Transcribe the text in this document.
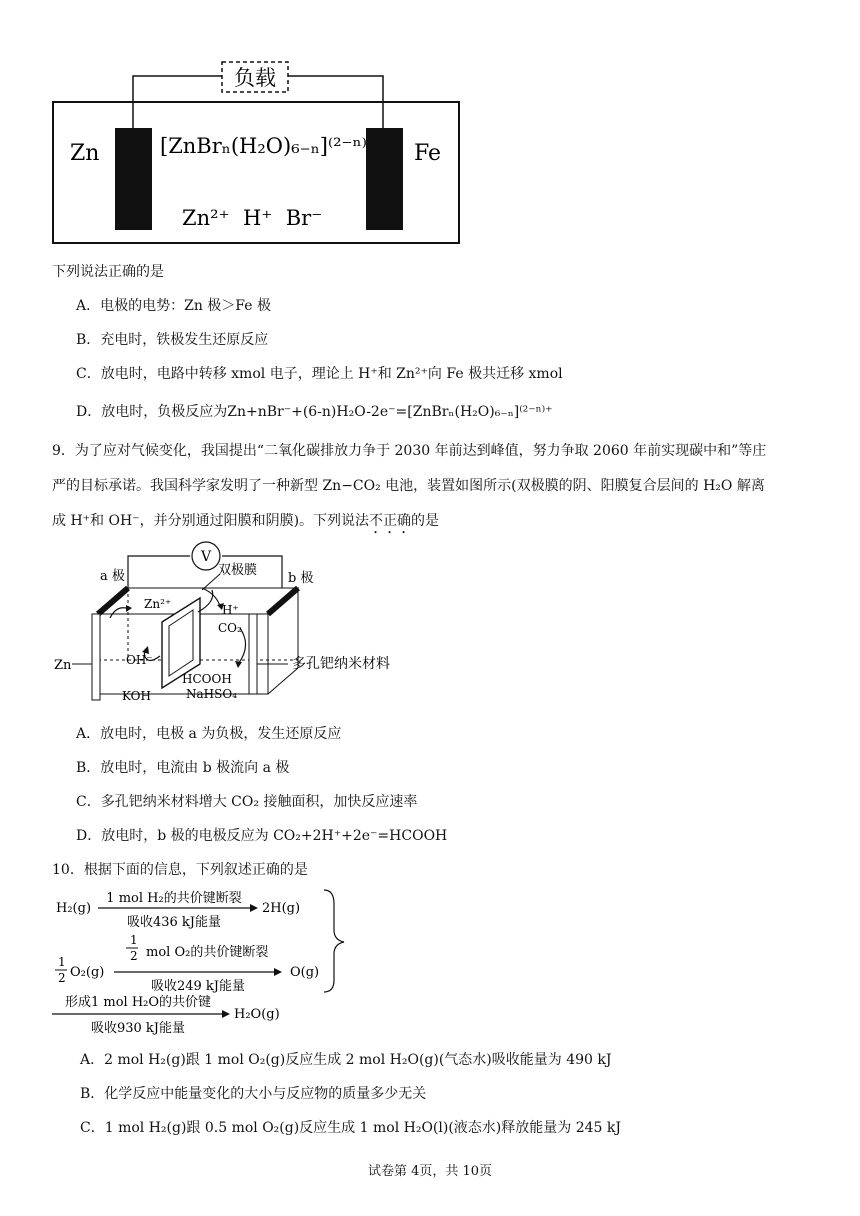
负载
Zn	Fe
[ZnBrₙ(H₂O)₆₋ₙ]⁽²⁻ⁿ⁾
Zn²⁺  H⁺  Br⁻
下列说法正确的是
A．电极的电势：Zn 极＞Fe 极
B．充电时，铁极发生还原反应
C．放电时，电路中转移 xmol 电子，理论上 H⁺和 Zn²⁺向 Fe 极共迁移 xmol
D．放电时，负极反应为Zn+nBr⁻+(6-n)H₂O-2e⁻=[ZnBrₙ(H₂O)₆₋ₙ]⁽²⁻ⁿ⁾⁺
9．为了应对气候变化，我国提出“二氧化碳排放力争于 2030 年前达到峰值，努力争取 2060 年前实现碳中和”等庄
严的目标承诺。我国科学家发明了一种新型 Zn−CO₂ 电池，装置如图所示(双极膜的阴、阳膜复合层间的 H₂O 解离
成 H⁺和 OH⁻，并分别通过阳膜和阴膜)。下列说法不正确的是
V
a 极	b 极
双极膜
Zn²⁺	H⁺
CO₂
OH⁻
HCOOH
KOH	NaHSO₄
Zn	多孔钯纳米材料
A．放电时，电极 a 为负极，发生还原反应
B．放电时，电流由 b 极流向 a 极
C．多孔钯纳米材料增大 CO₂ 接触面积，加快反应速率
D．放电时，b 极的电极反应为 CO₂+2H⁺+2e⁻=HCOOH
10．根据下面的信息，下列叙述正确的是
H₂(g)
1 mol H₂的共价键断裂
吸收436 kJ能量
2H(g)
1
2 O₂(g)
1
2 mol O₂的共价键断裂
吸收249 kJ能量
O(g)
形成1 mol H₂O的共价键
吸收930 kJ能量
H₂O(g)
A．2 mol H₂(g)跟 1 mol O₂(g)反应生成 2 mol H₂O(g)(气态水)吸收能量为 490 kJ
B．化学反应中能量变化的大小与反应物的质量多少无关
C．1 mol H₂(g)跟 0.5 mol O₂(g)反应生成 1 mol H₂O(l)(液态水)释放能量为 245 kJ
试卷第 4页，共 10页
